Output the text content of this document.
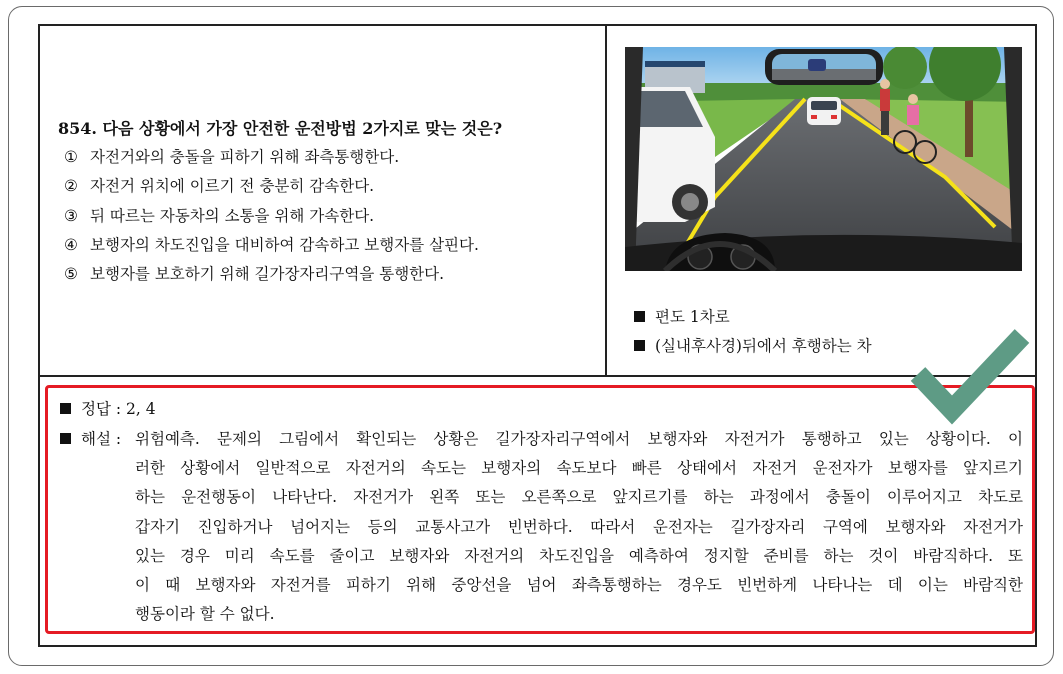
854. 다음 상황에서 가장 안전한 운전방법 2가지로 맞는 것은?
① 자전거와의 충돌을 피하기 위해 좌측통행한다.
② 자전거 위치에 이르기 전 충분히 감속한다.
③ 뒤 따르는 자동차의 소통을 위해 가속한다.
④ 보행자의 차도진입을 대비하여 감속하고 보행자를 살핀다.
⑤ 보행자를 보호하기 위해 길가장자리구역을 통행한다.
편도 1차로
(실내후사경)뒤에서 후행하는 차
정답 : 2, 4
해설 : 위험예측. 문제의 그림에서 확인되는 상황은 길가장자리구역에서 보행자와 자전거가 통행하고 있는 상황이다. 이
러한 상황에서 일반적으로 자전거의 속도는 보행자의 속도보다 빠른 상태에서 자전거 운전자가 보행자를 앞지르기
하는 운전행동이 나타난다. 자전거가 왼쪽 또는 오른쪽으로 앞지르기를 하는 과정에서 충돌이 이루어지고 차도로
갑자기 진입하거나 넘어지는 등의 교통사고가 빈번하다. 따라서 운전자는 길가장자리 구역에 보행자와 자전거가
있는 경우 미리 속도를 줄이고 보행자와 자전거의 차도진입을 예측하여 정지할 준비를 하는 것이 바람직하다. 또
이 때 보행자와 자전거를 피하기 위해 중앙선을 넘어 좌측통행하는 경우도 빈번하게 나타나는 데 이는 바람직한
행동이라 할 수 없다.
